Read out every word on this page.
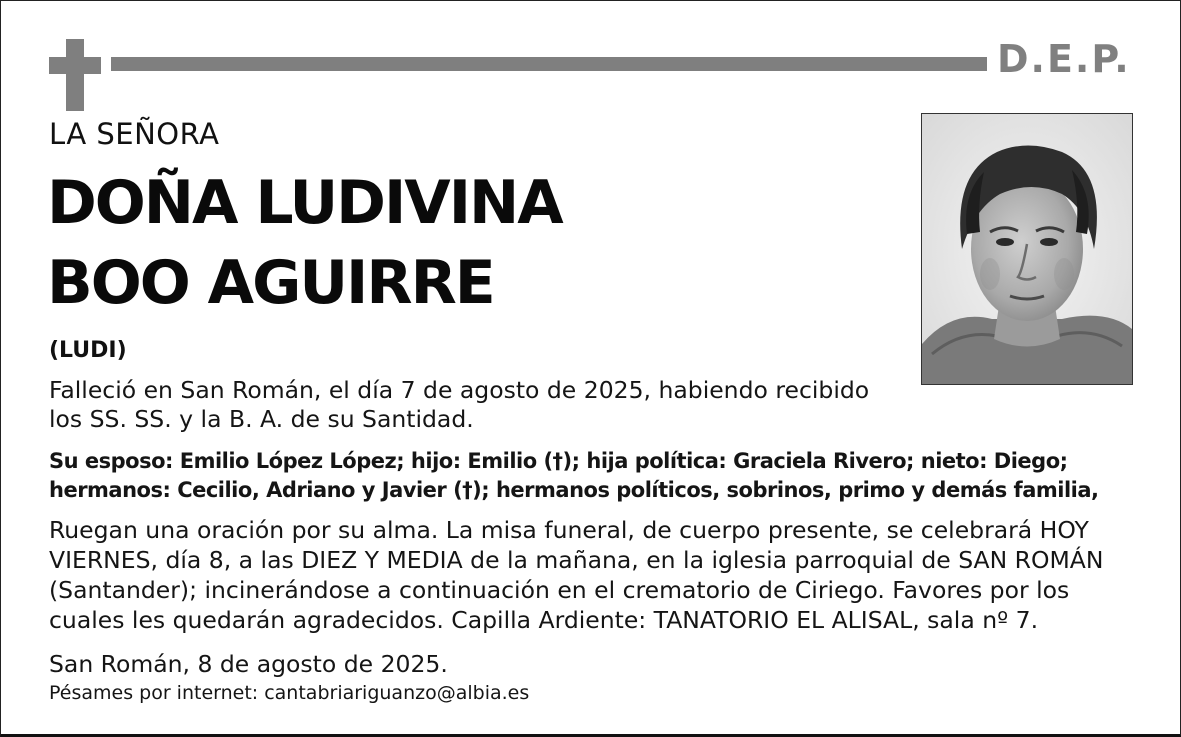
D.E.P.
LA SEÑORA
DOÑA LUDIVINA
BOO AGUIRRE
(LUDI)
Falleció en San Román, el día 7 de agosto de 2025, habiendo recibido los SS. SS. y la B. A. de su Santidad.
Su esposo: Emilio López López; hijo: Emilio (†); hija política: Graciela Rivero; nieto: Diego;
hermanos: Cecilio, Adriano y Javier (†); hermanos políticos, sobrinos, primo y demás familia,
Ruegan una oración por su alma. La misa funeral, de cuerpo presente, se celebrará HOY VIERNES, día 8, a las DIEZ Y MEDIA de la mañana, en la iglesia parroquial de SAN ROMÁN (Santander); incinerándose a continuación en el crematorio de Ciriego. Favores por los cuales les quedarán agradecidos. Capilla Ardiente: TANATORIO EL ALISAL, sala nº 7.
San Román, 8 de agosto de 2025.
Pésames por internet: cantabriariguanzo@albia.es
